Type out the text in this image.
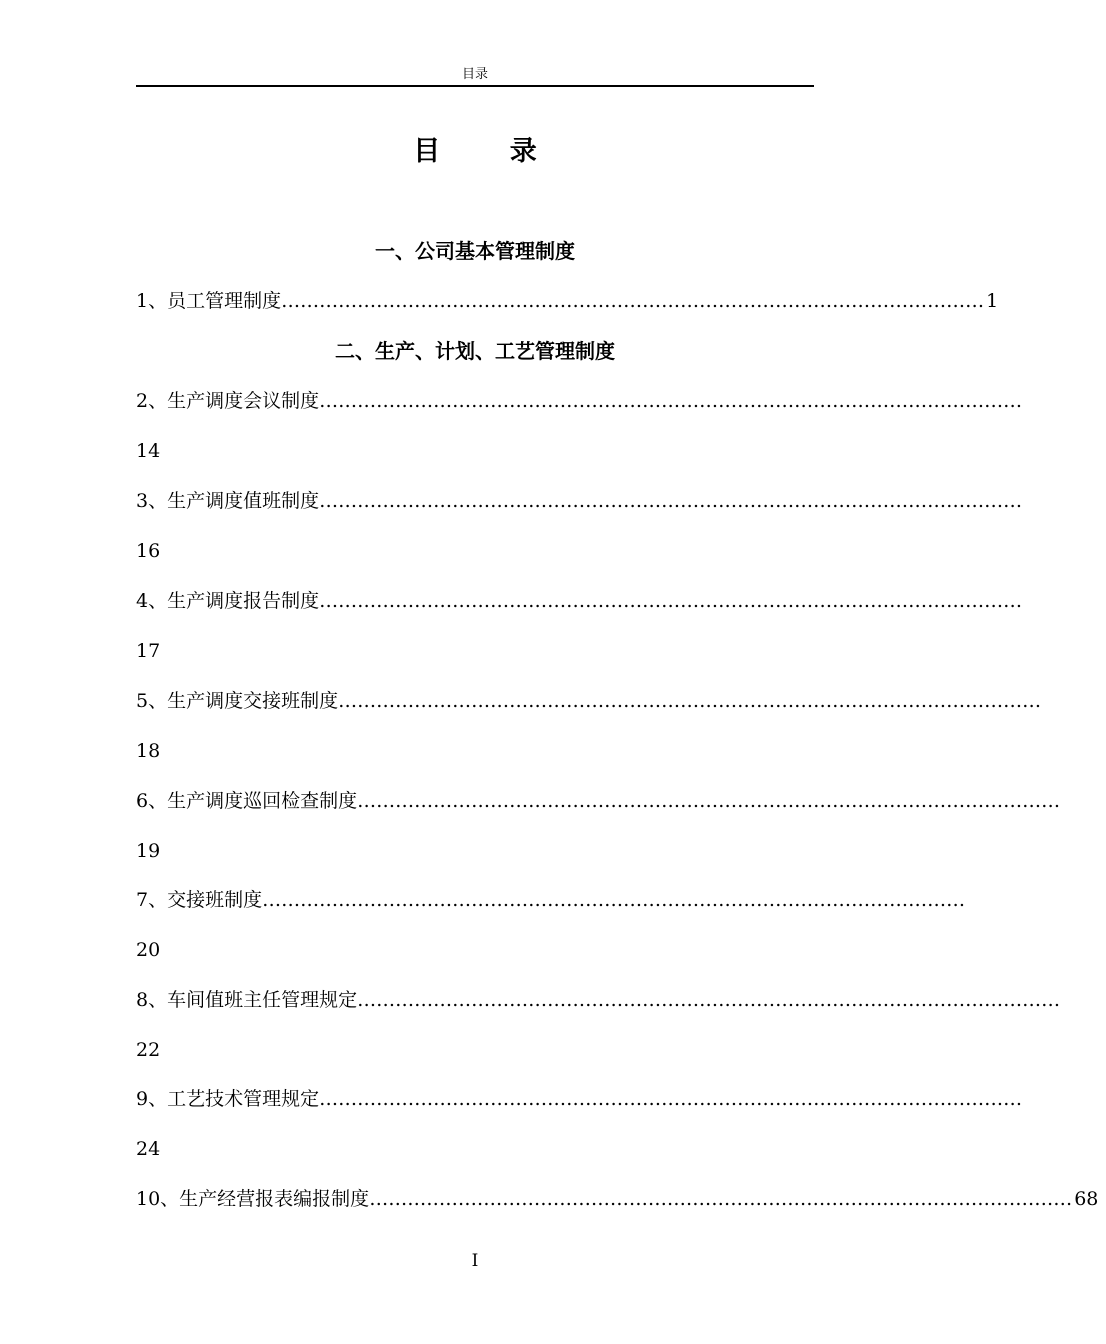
目录
目 录
一、公司基本管理制度
1、员工管理制度 ………………………………………………………………………………………………… 1
二、生产、计划、工艺管理制度
2、生产调度会议制度 …………………………………………………………………………………………………
14
3、生产调度值班制度 …………………………………………………………………………………………………
16
4、生产调度报告制度 …………………………………………………………………………………………………
17
5、生产调度交接班制度 …………………………………………………………………………………………………
18
6、生产调度巡回检查制度 …………………………………………………………………………………………………
19
7、交接班制度 …………………………………………………………………………………………………
20
8、车间值班主任管理规定 …………………………………………………………………………………………………
22
9、工艺技术管理规定 …………………………………………………………………………………………………
24
10、生产经营报表编报制度 ………………………………………………………………………………………………… 68
I
